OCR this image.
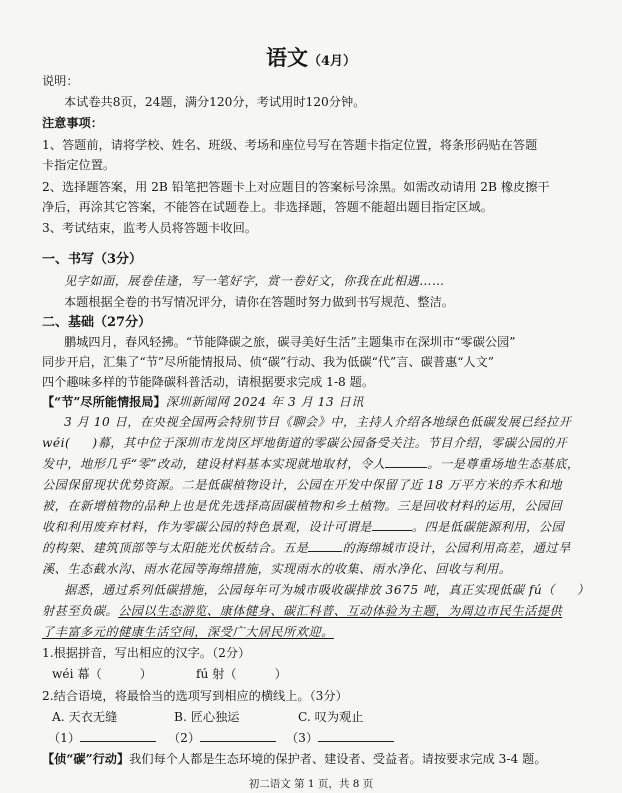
语文（4月）
说明：
本试卷共8页，24题，满分120分，考试用时120分钟。
注意事项：
1、答题前，请将学校、姓名、班级、考场和座位号写在答题卡指定位置，将条形码贴在答题
卡指定位置。
2、选择题答案，用 2B 铅笔把答题卡上对应题目的答案标号涂黑。如需改动请用 2B 橡皮擦干
净后，再涂其它答案，不能答在试题卷上。非选择题，答题不能超出题目指定区域。
3、考试结束，监考人员将答题卡收回。
一、书写（3分）
见字如面，展卷佳逢，写一笔好字，赏一卷好文，你我在此相遇……
本题根据全卷的书写情况评分，请你在答题时努力做到书写规范、整洁。
二、基础（27分）
鹏城四月，春风轻拂。“节能降碳之旅，碳寻美好生活”主题集市在深圳市“零碳公园”
同步开启，汇集了“节”尽所能情报局、侦“碳”行动、我为低碳“代”言、碳普惠“人文”
四个趣味多样的节能降碳科普活动，请根据要求完成 1-8 题。
【“节”尽所能情报局】深圳新闻网 2024 年 3 月 13 日讯
3 月 10 日，在央视全国两会特别节目《聊会》中，主持人介绍各地绿色低碳发展已经拉开
wéi( )幕，其中位于深圳市龙岗区坪地街道的零碳公园备受关注。节目介绍，零碳公园的开
发中，地形几乎“零”改动，建设材料基本实现就地取材，令人	。一是尊重场地生态基底，
公园保留现状优势资源。二是低碳植物设计，公园在开发中保留了近 18 万平方米的乔木和地
被，在新增植物的品种上也是优先选择高固碳植物和乡土植物。三是回收材料的运用，公园回
收和利用废弃材料，作为零碳公园的特色景观，设计可谓是	。四是低碳能源利用，公园
的构架、建筑顶部等与太阳能光伏板结合。五是	的海绵城市设计，公园利用高差，通过旱
溪、生态截水沟、雨水花园等海绵措施，实现雨水的收集、雨水净化、回收与利用。
据悉，通过系列低碳措施，公园每年可为城市吸收碳排放 3675 吨，真正实现低碳 fú（ ）
射甚至负碳。公园以生态游览、康体健身、碳汇科普、互动体验为主题，为周边市民生活提供
了丰富多元的健康生活空间，深受广大居民所欢迎。
1.根据拼音，写出相应的汉字。（2分）
wéi 幕（	）	fú 射（	）
2.结合语境，将最恰当的选项写到相应的横线上。（3分）
A. 天衣无缝	B. 匠心独运	C. 叹为观止
（1）	（2）	（3）
【侦“碳”行动】我们每个人都是生态环境的保护者、建设者、受益者。请按要求完成 3-4 题。
初二语文 第 1 页，共 8 页
